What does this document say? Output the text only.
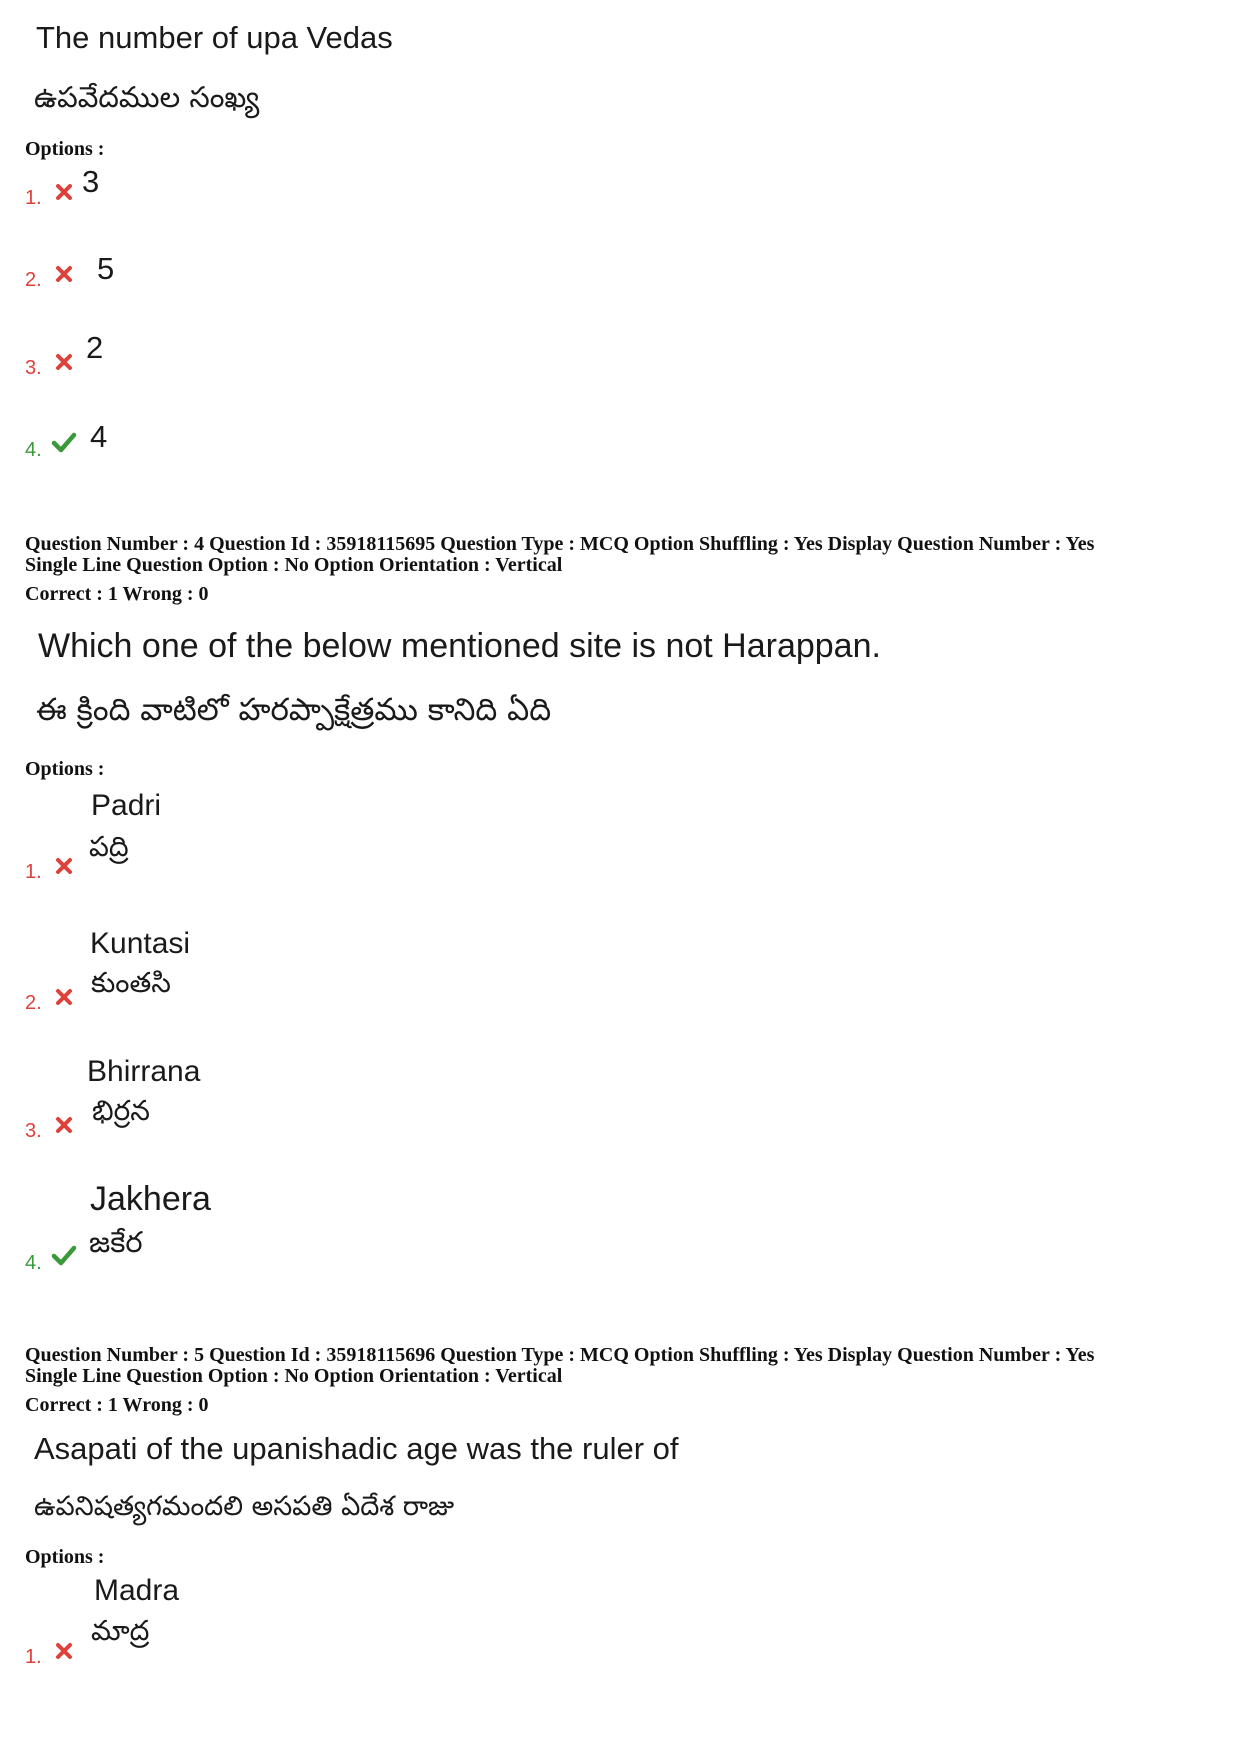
The number of upa Vedas
ఉపవేదముల సంఖ్య
Options :
1. 3
2. 5
3.
2
4. 4
Question Number : 4 Question Id : 35918115695 Question Type : MCQ Option Shuffling : Yes Display Question Number : Yes
Single Line Question Option : No Option Orientation : Vertical
Correct : 1 Wrong : 0
Which one of the below mentioned site is not Harappan.
ఈ క్రింది వాటిలో హరప్పాక్షేత్రము కానిది ఏది
Options :
Padri
పద్రి
1.
Kuntasi
కుంతసి
2.
Bhirrana
భిర్రన
3.
Jakhera
జకేర
4.
Question Number : 5 Question Id : 35918115696 Question Type : MCQ Option Shuffling : Yes Display Question Number : Yes
Single Line Question Option : No Option Orientation : Vertical
Correct : 1 Wrong : 0
Asapati of the upanishadic age was the ruler of
ఉపనిషత్యగమందలి అసపతి ఏదేశ రాజు
Options :
Madra
మాద్ర
1.
